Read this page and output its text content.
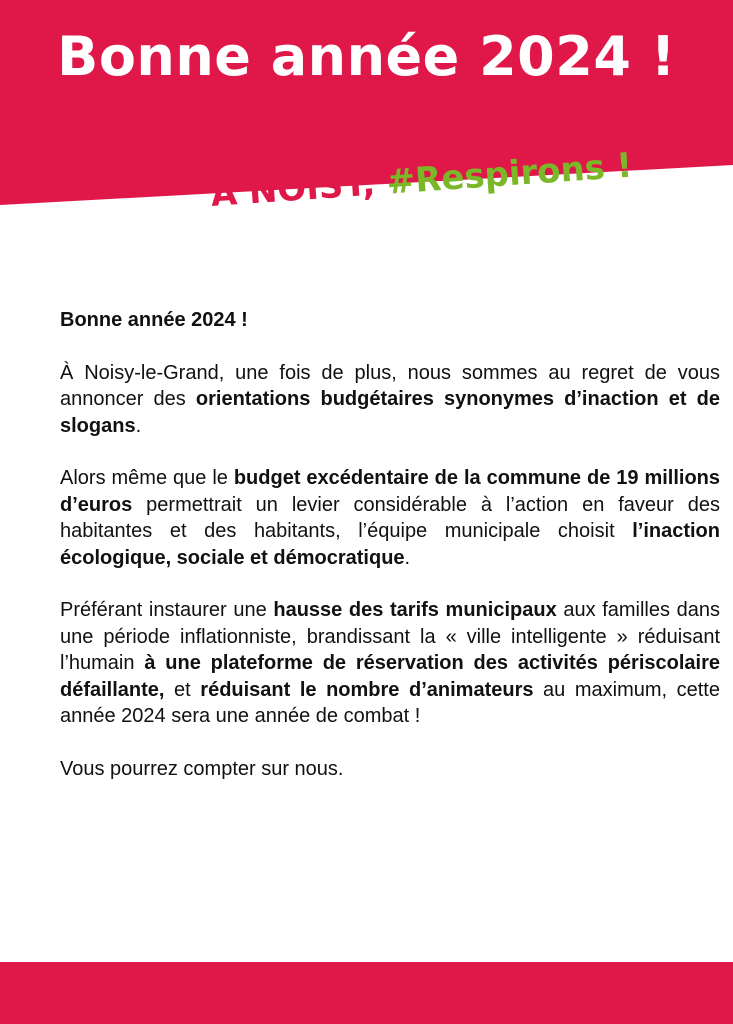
Bonne année 2024 !
À NOISY, #Respirons !

Bonne année 2024 !

À Noisy-le-Grand, une fois de plus, nous sommes au regret de vous annoncer des orientations budgétaires synonymes d’inaction et de slogans.

Alors même que le budget excédentaire de la commune de 19 millions d’euros permettrait un levier considérable à l’action en faveur des habitantes et des habitants, l’équipe municipale choisit l’inaction écologique, sociale et démocratique.

Préférant instaurer une hausse des tarifs municipaux aux familles dans une période inflationniste, brandissant la « ville intelligente » réduisant l’humain à une plateforme de réservation des activités périscolaire défaillante, et réduisant le nombre d’animateurs au maximum, cette année 2024 sera une année de combat !

Vous pourrez compter sur nous.
